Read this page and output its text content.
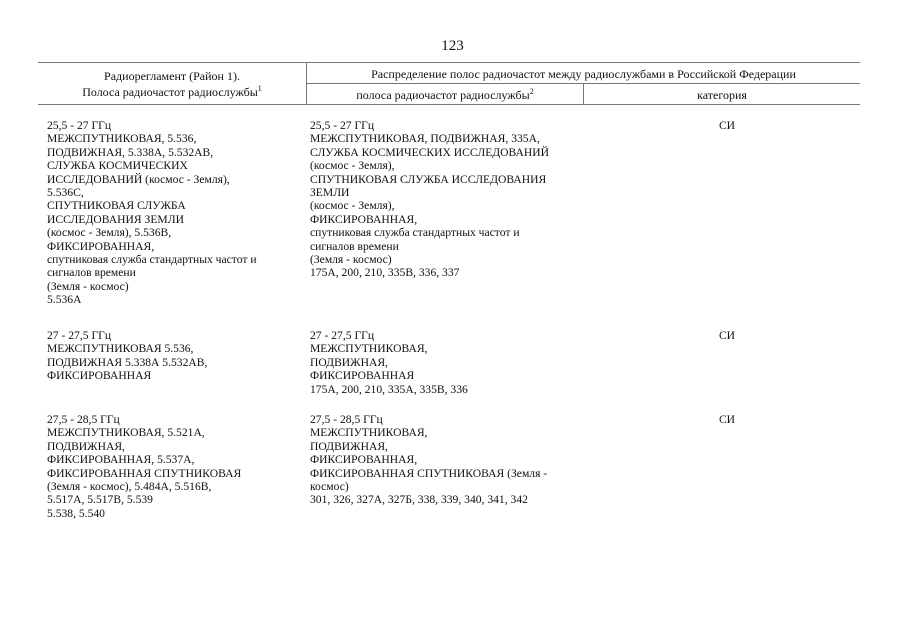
123
Радиорегламент (Район 1).
Полоса радиочастот радиослужбы$^1$
Распределение полос радиочастот между радиослужбами в Российской Федерации
полоса радиочастот радиослужбы$^2$	категория
25,5 - 27 ГГц
МЕЖСПУТНИКОВАЯ, 5.536,
ПОДВИЖНАЯ, 5.338А, 5.532АВ,
СЛУЖБА КОСМИЧЕСКИХ
ИССЛЕДОВАНИЙ (космос - Земля),
5.536С,
СПУТНИКОВАЯ СЛУЖБА
ИССЛЕДОВАНИЯ ЗЕМЛИ
(космос - Земля), 5.536В,
ФИКСИРОВАННАЯ,
спутниковая служба стандартных частот и
сигналов времени
(Земля - космос)
5.536А
25,5 - 27 ГГц
МЕЖСПУТНИКОВАЯ, ПОДВИЖНАЯ, 335А,
СЛУЖБА КОСМИЧЕСКИХ ИССЛЕДОВАНИЙ
(космос - Земля),
СПУТНИКОВАЯ СЛУЖБА ИССЛЕДОВАНИЯ
ЗЕМЛИ
(космос - Земля),
ФИКСИРОВАННАЯ,
спутниковая служба стандартных частот и
сигналов времени
(Земля - космос)
175А, 200, 210, 335В, 336, 337
СИ
27 - 27,5 ГГц
МЕЖСПУТНИКОВАЯ 5.536,
ПОДВИЖНАЯ 5.338А 5.532АВ,
ФИКСИРОВАННАЯ
27 - 27,5 ГГц
МЕЖСПУТНИКОВАЯ,
ПОДВИЖНАЯ,
ФИКСИРОВАННАЯ
175А, 200, 210, 335А, 335В, 336
СИ
27,5 - 28,5 ГГц
МЕЖСПУТНИКОВАЯ, 5.521А,
ПОДВИЖНАЯ,
ФИКСИРОВАННАЯ, 5.537А,
ФИКСИРОВАННАЯ СПУТНИКОВАЯ
(Земля - космос), 5.484А, 5.516В,
5.517А, 5.517В, 5.539
5.538, 5.540
27,5 - 28,5 ГГц
МЕЖСПУТНИКОВАЯ,
ПОДВИЖНАЯ,
ФИКСИРОВАННАЯ,
ФИКСИРОВАННАЯ СПУТНИКОВАЯ (Земля -
космос)
301, 326, 327А, 327Б, 338, 339, 340, 341, 342
СИ
